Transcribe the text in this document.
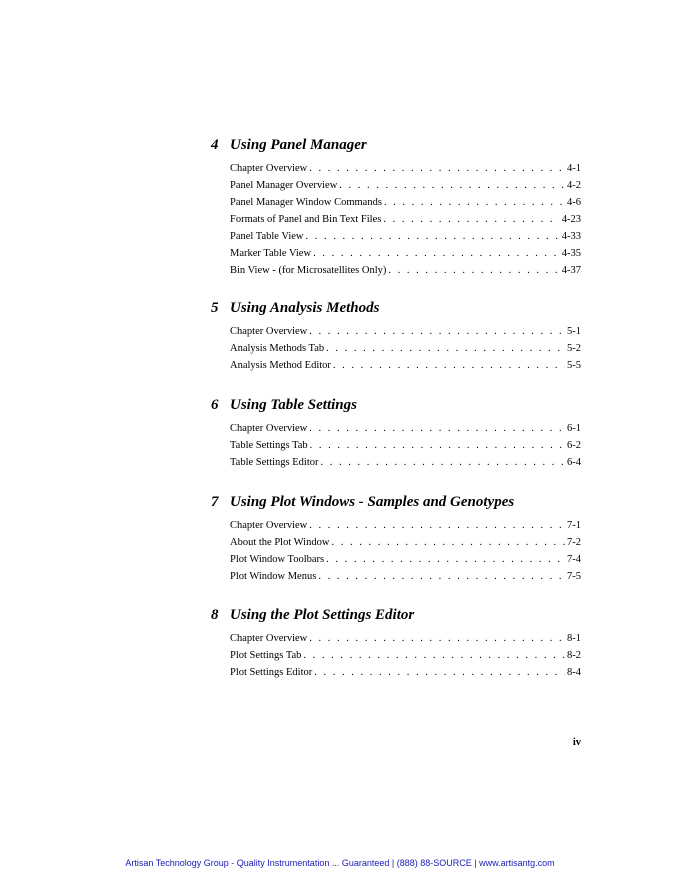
4 Using Panel Manager
Chapter Overview . . .	4-1
Panel Manager Overview . . .	4-2
Panel Manager Window Commands . . .	4-6
Formats of Panel and Bin Text Files . . .	4-23
Panel Table View . . .	4-33
Marker Table View . . .	4-35
Bin View - (for Microsatellites Only) . . .	4-37
5 Using Analysis Methods
Chapter Overview . . .	5-1
Analysis Methods Tab . . .	5-2
Analysis Method Editor . . .	5-5
6 Using Table Settings
Chapter Overview . . .	6-1
Table Settings Tab . . .	6-2
Table Settings Editor . . .	6-4
7 Using Plot Windows - Samples and Genotypes
Chapter Overview . . .	7-1
About the Plot Window . . .	7-2
Plot Window Toolbars . . .	7-4
Plot Window Menus . . .	7-5
8 Using the Plot Settings Editor
Chapter Overview . . .	8-1
Plot Settings Tab . . .	8-2
Plot Settings Editor . . .	8-4
iv
Artisan Technology Group - Quality Instrumentation ... Guaranteed | (888) 88-SOURCE | www.artisantg.com
